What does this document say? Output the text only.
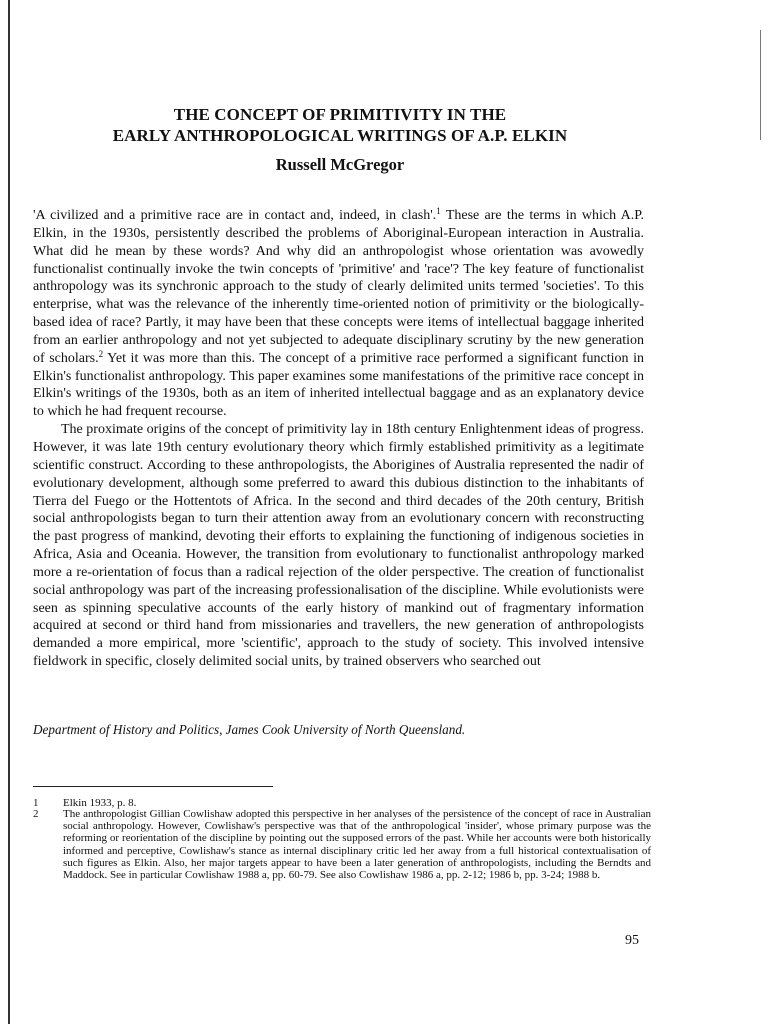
THE CONCEPT OF PRIMITIVITY IN THE
EARLY ANTHROPOLOGICAL WRITINGS OF A.P. ELKIN
Russell McGregor

'A civilized and a primitive race are in contact and, indeed, in clash'.$^1$ These are the terms in which A.P. Elkin, in the 1930s, persistently described the problems of Aboriginal-European interaction in Australia. What did he mean by these words? And why did an anthropologist whose orientation was avowedly functionalist continually invoke the twin concepts of 'primitive' and 'race'? The key feature of functionalist anthropology was its synchronic approach to the study of clearly delimited units termed 'societies'. To this enterprise, what was the relevance of the inherently time-oriented notion of primitivity or the biologically-based idea of race? Partly, it may have been that these concepts were items of intellectual baggage inherited from an earlier anthropology and not yet subjected to adequate disciplinary scrutiny by the new generation of scholars.$^2$ Yet it was more than this. The concept of a primitive race performed a significant function in Elkin's functionalist anthropology. This paper examines some manifestations of the primitive race concept in Elkin's writings of the 1930s, both as an item of inherited intellectual baggage and as an explanatory device to which he had frequent recourse.

The proximate origins of the concept of primitivity lay in 18th century Enlightenment ideas of progress. However, it was late 19th century evolutionary theory which firmly established primitivity as a legitimate scientific construct. According to these anthropologists, the Aborigines of Australia represented the nadir of evolutionary development, although some preferred to award this dubious distinction to the inhabitants of Tierra del Fuego or the Hottentots of Africa. In the second and third decades of the 20th century, British social anthropologists began to turn their attention away from an evolutionary concern with reconstructing the past progress of mankind, devoting their efforts to explaining the functioning of indigenous societies in Africa, Asia and Oceania. However, the transition from evolutionary to functionalist anthropology marked more a re-orientation of focus than a radical rejection of the older perspective. The creation of functionalist social anthropology was part of the increasing professionalisation of the discipline. While evolutionists were seen as spinning speculative accounts of the early history of mankind out of fragmentary information acquired at second or third hand from missionaries and travellers, the new generation of anthropologists demanded a more empirical, more 'scientific', approach to the study of society. This involved intensive fieldwork in specific, closely delimited social units, by trained observers who searched out

Department of History and Politics, James Cook University of North Queensland.
1 Elkin 1933, p. 8.
2 The anthropologist Gillian Cowlishaw adopted this perspective in her analyses of the persistence of the concept of race in Australian social anthropology. However, Cowlishaw's perspective was that of the anthropological 'insider', whose primary purpose was the reforming or reorientation of the discipline by pointing out the supposed errors of the past. While her accounts were both historically informed and perceptive, Cowlishaw's stance as internal disciplinary critic led her away from a full historical contextualisation of such figures as Elkin. Also, her major targets appear to have been a later generation of anthropologists, including the Berndts and Maddock. See in particular Cowlishaw 1988 a, pp. 60-79. See also Cowlishaw 1986 a, pp. 2-12; 1986 b, pp. 3-24; 1988 b.
95
